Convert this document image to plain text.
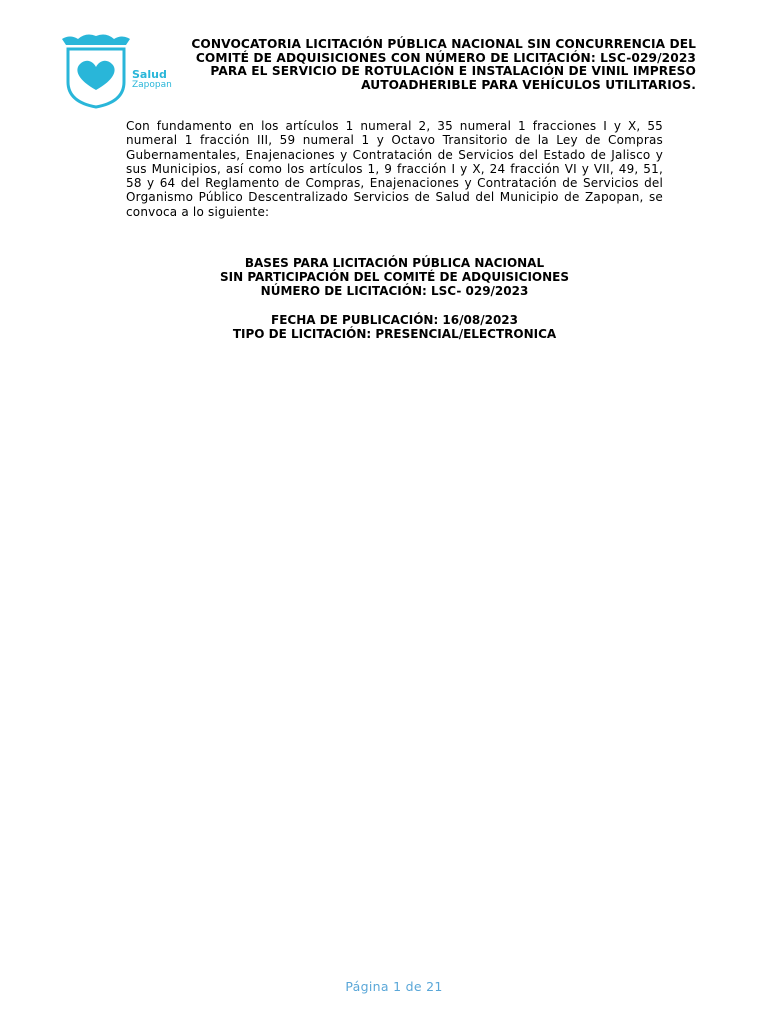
Salud
Zapopan
CONVOCATORIA LICITACIÓN PÚBLICA NACIONAL SIN CONCURRENCIA DEL
COMITÉ DE ADQUISICIONES CON NÚMERO DE LICITACIÓN: LSC-029/2023
PARA EL SERVICIO DE ROTULACIÓN E INSTALACIÓN DE VINIL IMPRESO
AUTOADHERIBLE PARA VEHÍCULOS UTILITARIOS.

Con fundamento en los artículos 1 numeral 2, 35 numeral 1 fracciones I y X, 55 numeral 1 fracción III, 59 numeral 1 y Octavo Transitorio de la Ley de Compras Gubernamentales, Enajenaciones y Contratación de Servicios del Estado de Jalisco y sus Municipios, así como los artículos 1, 9 fracción I y X, 24 fracción VI y VII, 49, 51, 58 y 64 del Reglamento de Compras, Enajenaciones y Contratación de Servicios del Organismo Público Descentralizado Servicios de Salud del Municipio de Zapopan, se convoca a lo siguiente:

BASES PARA LICITACIÓN PÚBLICA NACIONAL
SIN PARTICIPACIÓN DEL COMITÉ DE ADQUISICIONES
NÚMERO DE LICITACIÓN: LSC- 029/2023
FECHA DE PUBLICACIÓN: 16/08/2023
TIPO DE LICITACIÓN: PRESENCIAL/ELECTRONICA
Página 1 de 21
